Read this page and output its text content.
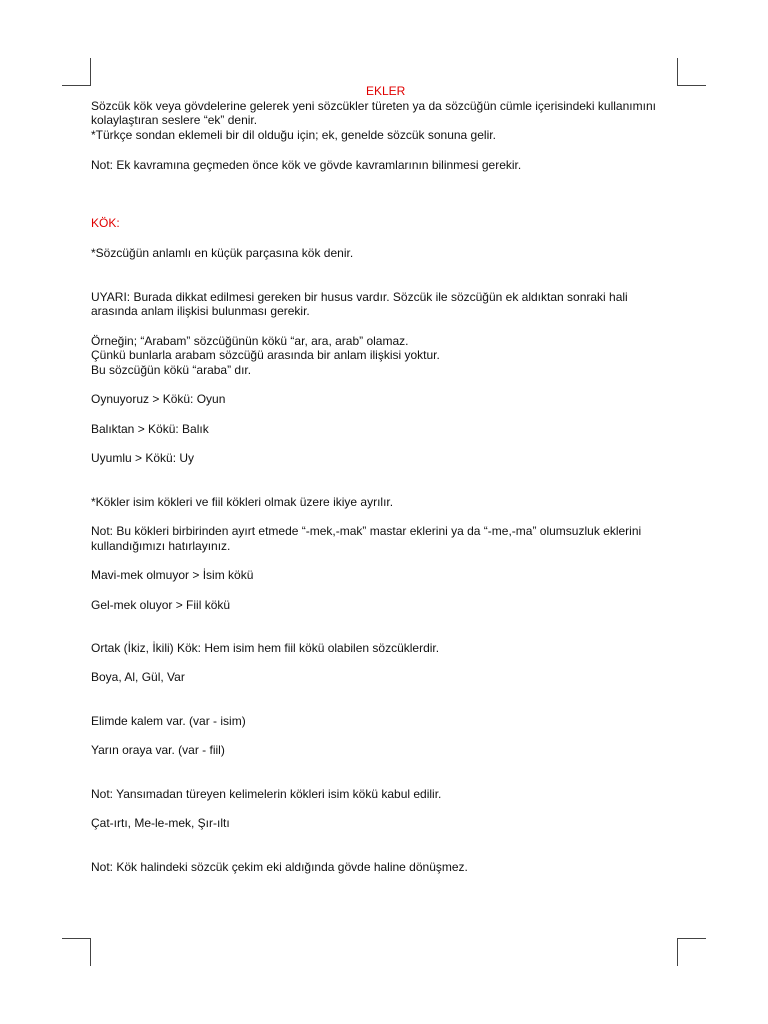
EKLER
Sözcük kök veya gövdelerine gelerek yeni sözcükler türeten ya da sözcüğün cümle içerisindeki kullanımını
kolaylaştıran seslere “ek” denir.
*Türkçe sondan eklemeli bir dil olduğu için; ek, genelde sözcük sonuna gelir.
Not: Ek kavramına geçmeden önce kök ve gövde kavramlarının bilinmesi gerekir.
KÖK:
*Sözcüğün anlamlı en küçük parçasına kök denir.
UYARI: Burada dikkat edilmesi gereken bir husus vardır. Sözcük ile sözcüğün ek aldıktan sonraki hali
arasında anlam ilişkisi bulunması gerekir.
Örneğin; “Arabam” sözcüğünün kökü “ar, ara, arab” olamaz.
Çünkü bunlarla arabam sözcüğü arasında bir anlam ilişkisi yoktur.
Bu sözcüğün kökü “araba” dır.
Oynuyoruz > Kökü: Oyun
Balıktan > Kökü: Balık
Uyumlu > Kökü: Uy
*Kökler isim kökleri ve fiil kökleri olmak üzere ikiye ayrılır.
Not: Bu kökleri birbirinden ayırt etmede “-mek,-mak” mastar eklerini ya da “-me,-ma” olumsuzluk eklerini
kullandığımızı hatırlayınız.
Mavi-mek olmuyor > İsim kökü
Gel-mek oluyor > Fiil kökü
Ortak (İkiz, İkili) Kök: Hem isim hem fiil kökü olabilen sözcüklerdir.
Boya, Al, Gül, Var
Elimde kalem var. (var - isim)
Yarın oraya var. (var - fiil)
Not: Yansımadan türeyen kelimelerin kökleri isim kökü kabul edilir.
Çat-ırtı, Me-le-mek, Şır-ıltı
Not: Kök halindeki sözcük çekim eki aldığında gövde haline dönüşmez.
